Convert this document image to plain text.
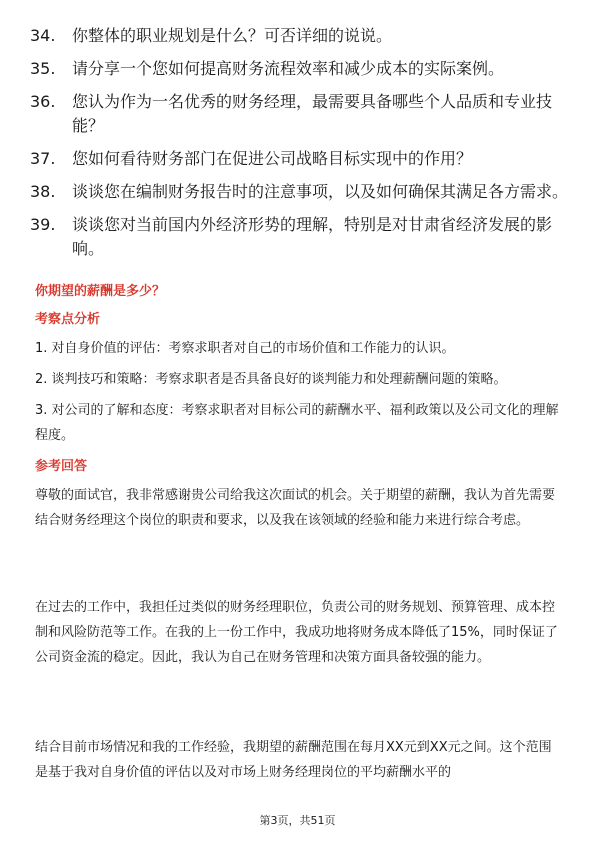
34.	你整体的职业规划是什么？可否详细的说说。
35.	请分享一个您如何提高财务流程效率和减少成本的实际案例。
36.	您认为作为一名优秀的财务经理，最需要具备哪些个人品质和专业技能？
37.	您如何看待财务部门在促进公司战略目标实现中的作用？
38.	谈谈您在编制财务报告时的注意事项，以及如何确保其满足各方需求。
39.	谈谈您对当前国内外经济形势的理解，特别是对甘肃省经济发展的影响。
你期望的薪酬是多少？
考察点分析
1. 对自身价值的评估：考察求职者对自己的市场价值和工作能力的认识。
2. 谈判技巧和策略：考察求职者是否具备良好的谈判能力和处理薪酬问题的策略。
3. 对公司的了解和态度：考察求职者对目标公司的薪酬水平、福利政策以及公司文化的理解程度。
参考回答
尊敬的面试官，我非常感谢贵公司给我这次面试的机会。关于期望的薪酬，我认为首先需要结合财务经理这个岗位的职责和要求，以及我在该领域的经验和能力来进行综合考虑。
在过去的工作中，我担任过类似的财务经理职位，负责公司的财务规划、预算管理、成本控制和风险防范等工作。在我的上一份工作中，我成功地将财务成本降低了15%，同时保证了公司资金流的稳定。因此，我认为自己在财务管理和决策方面具备较强的能力。
结合目前市场情况和我的工作经验，我期望的薪酬范围在每月XX元到XX元之间。这个范围是基于我对自身价值的评估以及对市场上财务经理岗位的平均薪酬水平的
第3页，共51页
